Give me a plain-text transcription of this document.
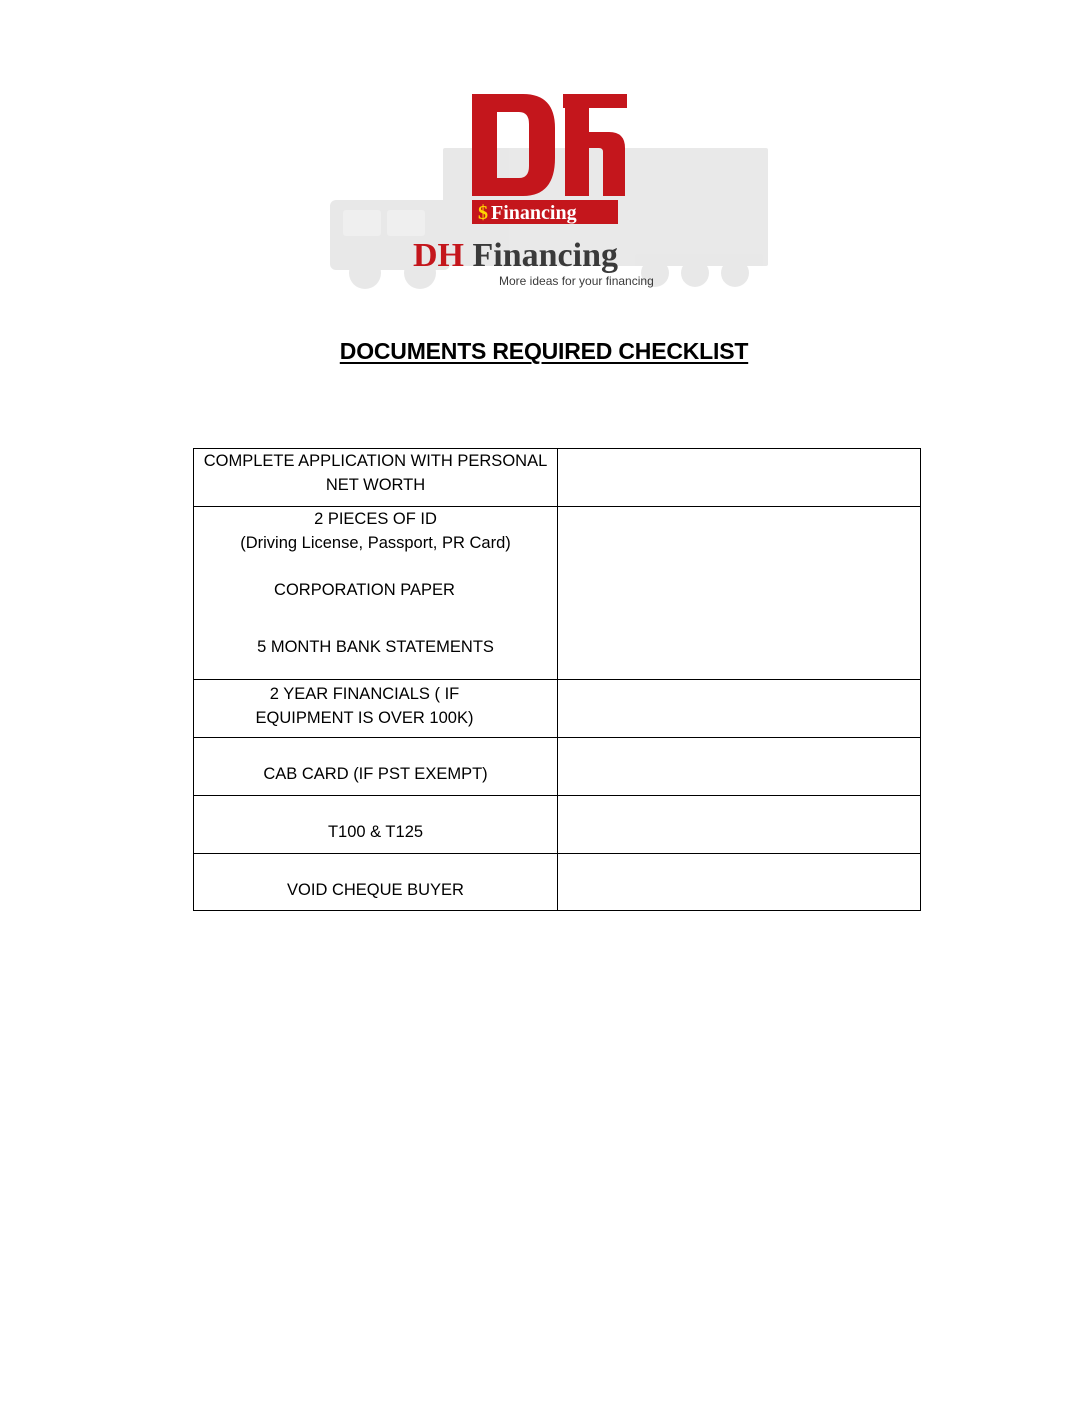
$ Financing
DH Financing
More ideas for your financing
DOCUMENTS REQUIRED CHECKLIST
COMPLETE APPLICATION WITH PERSONAL
NET WORTH	

2 PIECES OF ID
(Driving License, Passport, PR Card)
CORPORATION PAPER
5 MONTH BANK STATEMENTS	

2 YEAR FINANCIALS ( IF
EQUIPMENT IS OVER 100K)	

CAB CARD (IF PST EXEMPT)	

T100 & T125	

VOID CHEQUE BUYER	
